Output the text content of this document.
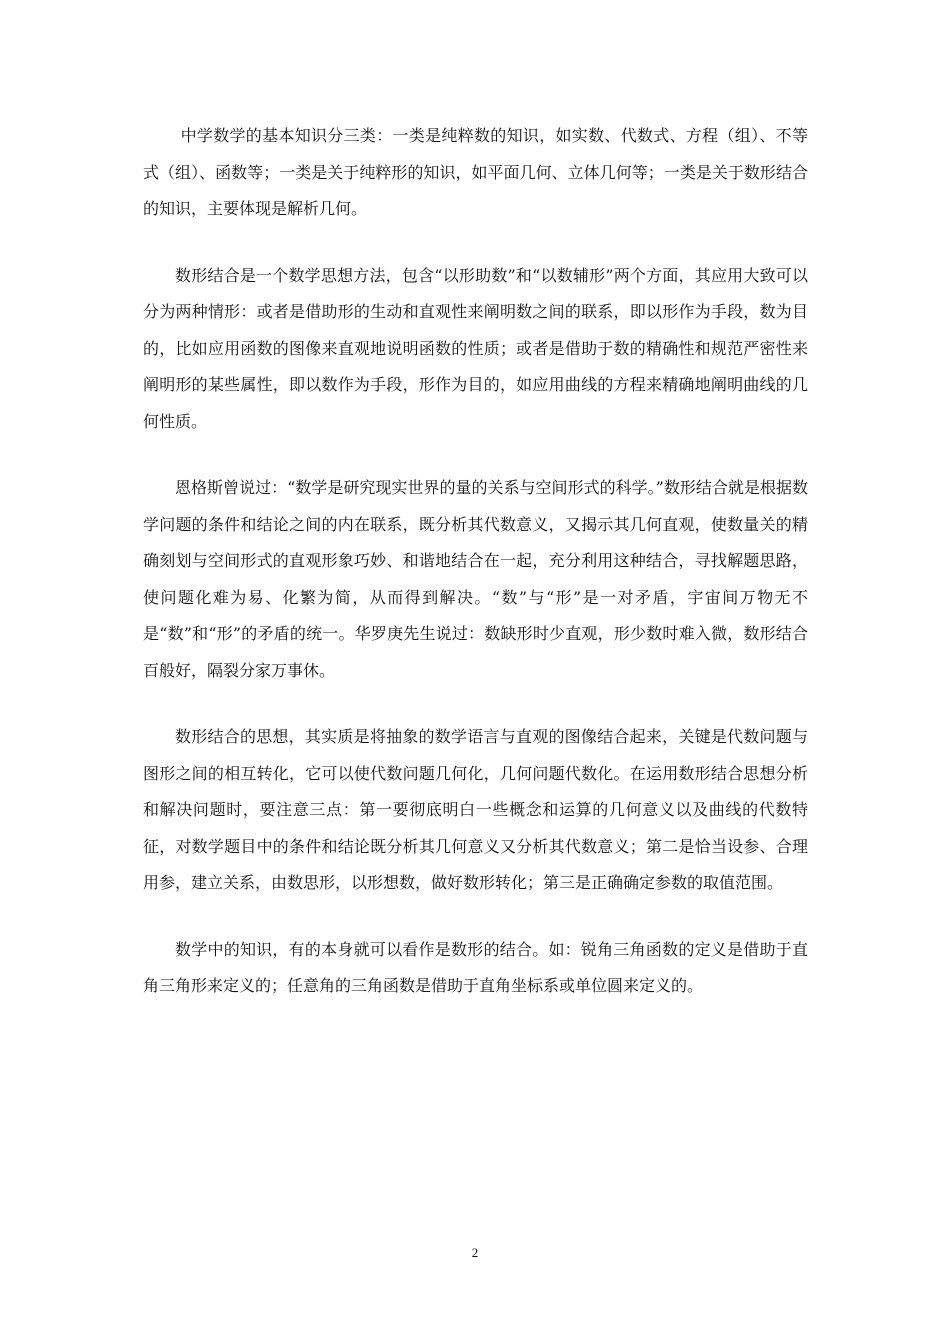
中学数学的基本知识分三类：一类是纯粹数的知识，如实数、代数式、方程（组）、不等式（组）、函数等；一类是关于纯粹形的知识，如平面几何、立体几何等；一类是关于数形结合的知识，主要体现是解析几何。

数形结合是一个数学思想方法，包含“以形助数”和“以数辅形”两个方面，其应用大致可以分为两种情形：或者是借助形的生动和直观性来阐明数之间的联系，即以形作为手段，数为目的，比如应用函数的图像来直观地说明函数的性质；或者是借助于数的精确性和规范严密性来阐明形的某些属性，即以数作为手段，形作为目的，如应用曲线的方程来精确地阐明曲线的几何性质。

恩格斯曾说过：“数学是研究现实世界的量的关系与空间形式的科学。”数形结合就是根据数学问题的条件和结论之间的内在联系，既分析其代数意义，又揭示其几何直观，使数量关的精确刻划与空间形式的直观形象巧妙、和谐地结合在一起，充分利用这种结合，寻找解题思路，使问题化难为易、化繁为简，从而得到解决。“数”与“形”是一对矛盾，宇宙间万物无不是“数”和“形”的矛盾的统一。华罗庚先生说过：数缺形时少直观，形少数时难入微，数形结合百般好，隔裂分家万事休。

数形结合的思想，其实质是将抽象的数学语言与直观的图像结合起来，关键是代数问题与图形之间的相互转化，它可以使代数问题几何化，几何问题代数化。在运用数形结合思想分析和解决问题时，要注意三点：第一要彻底明白一些概念和运算的几何意义以及曲线的代数特征，对数学题目中的条件和结论既分析其几何意义又分析其代数意义；第二是恰当设参、合理用参，建立关系，由数思形，以形想数，做好数形转化；第三是正确确定参数的取值范围。

数学中的知识，有的本身就可以看作是数形的结合。如：锐角三角函数的定义是借助于直角三角形来定义的；任意角的三角函数是借助于直角坐标系或单位圆来定义的。

2
